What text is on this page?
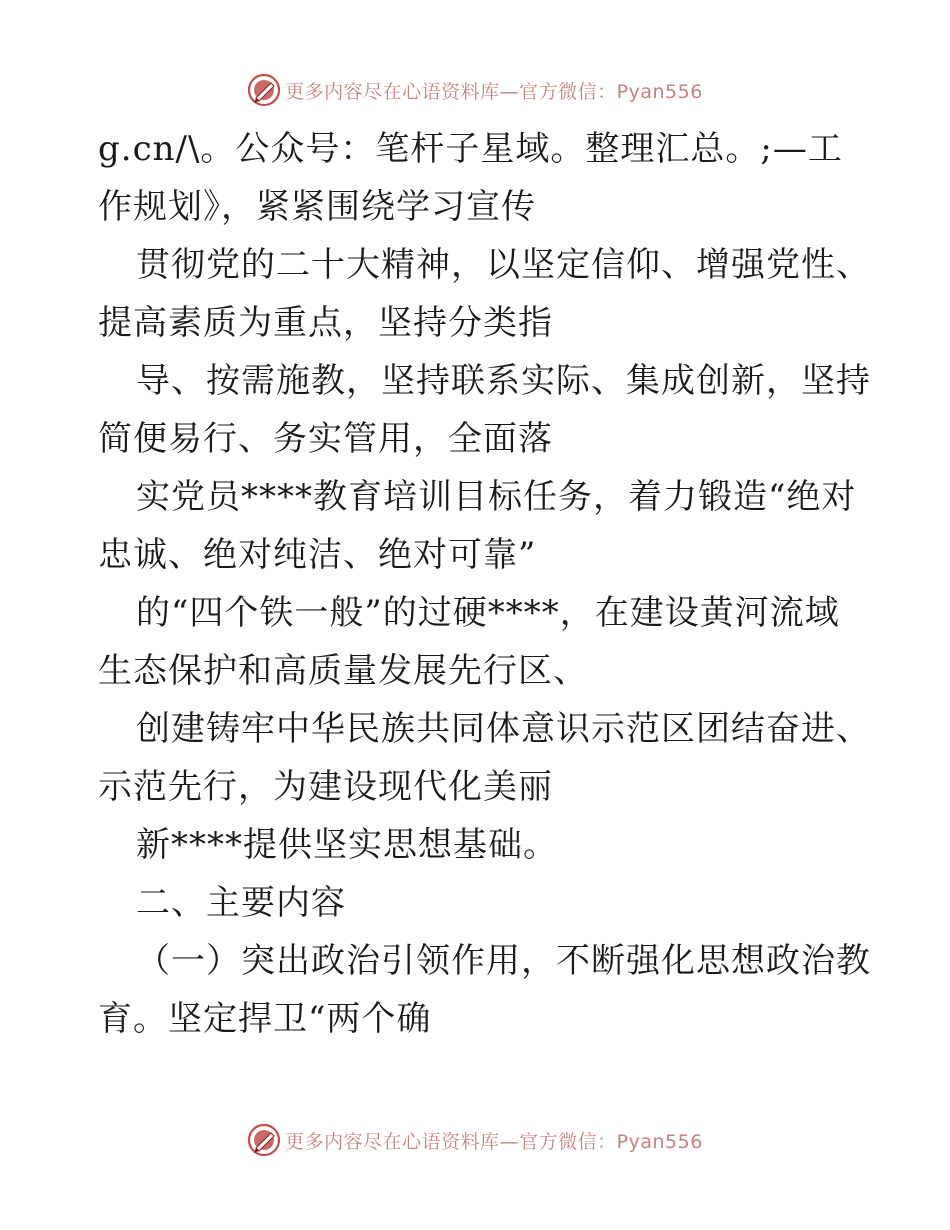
更多内容尽在心语资料库—官方微信：Pyan556
g.cn/\。公众号：笔杆子星域。整理汇总。;—工
作规划》，紧紧围绕学习宣传
贯彻党的二十大精神，以坚定信仰、增强党性、
提高素质为重点，坚持分类指
导、按需施教，坚持联系实际、集成创新，坚持
简便易行、务实管用，全面落
实党员****教育培训目标任务，着力锻造“绝对
忠诚、绝对纯洁、绝对可靠”
的“四个铁一般”的过硬****，在建设黄河流域
生态保护和高质量发展先行区、
创建铸牢中华民族共同体意识示范区团结奋进、
示范先行，为建设现代化美丽
新****提供坚实思想基础。
二、主要内容
（一）突出政治引领作用，不断强化思想政治教
育。坚定捍卫“两个确
更多内容尽在心语资料库—官方微信：Pyan556
